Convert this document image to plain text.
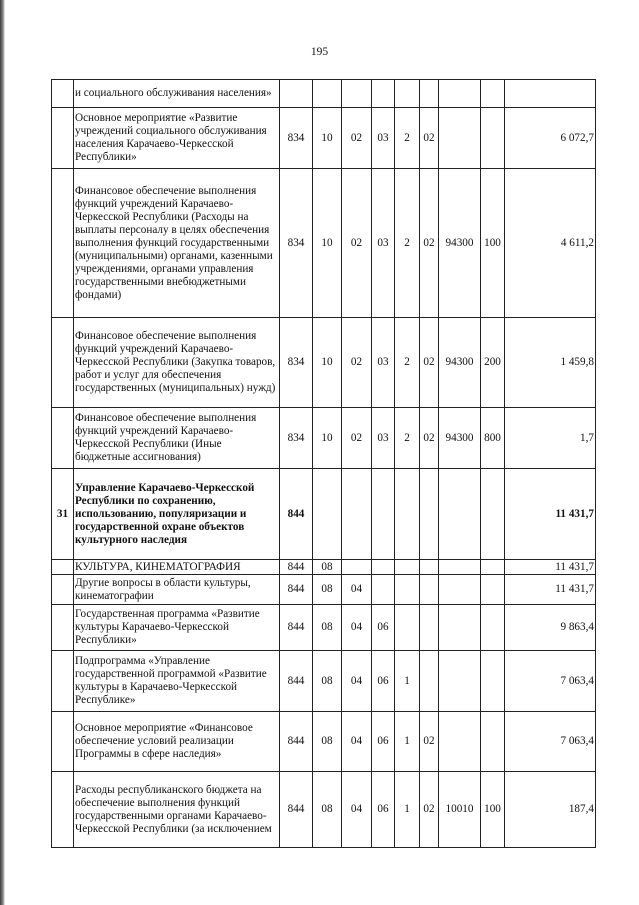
195
	и социального обслуживания населения»									
	Основное мероприятие «Развитие учреждений социального обслуживания населения Карачаево-Черкесской Республики»	834	10	02	03	2	02			6 072,7
	Финансовое обеспечение выполнения функций учреждений Карачаево-Черкесской Республики (Расходы на выплаты персоналу в целях обеспечения выполнения функций государственными (муниципальными) органами, казенными учреждениями, органами управления государственными внебюджетными фондами)	834	10	02	03	2	02	94300	100	4 611,2
	Финансовое обеспечение выполнения функций учреждений Карачаево-Черкесской Республики (Закупка товаров, работ и услуг для обеспечения государственных (муниципальных) нужд)	834	10	02	03	2	02	94300	200	1 459,8
	Финансовое обеспечение выполнения функций учреждений Карачаево-Черкесской Республики (Иные бюджетные ассигнования)	834	10	02	03	2	02	94300	800	1,7
31	Управление Карачаево-Черкесской Республики по сохранению, использованию, популяризации и государственной охране объектов культурного наследия	844								11 431,7
	КУЛЬТУРА, КИНЕМАТОГРАФИЯ	844	08							11 431,7
	Другие вопросы в области культуры, кинематографии	844	08	04						11 431,7
	Государственная программа «Развитие культуры Карачаево-Черкесской Республики»	844	08	04	06					9 863,4
	Подпрограмма «Управление государственной программой «Развитие культуры в Карачаево-Черкесской Республике»	844	08	04	06	1				7 063,4
	Основное мероприятие «Финансовое обеспечение условий реализации Программы в сфере наследия»	844	08	04	06	1	02			7 063,4
	Расходы республиканского бюджета на обеспечение выполнения функций государственными органами Карачаево-Черкесской Республики (за исключением	844	08	04	06	1	02	10010	100	187,4
